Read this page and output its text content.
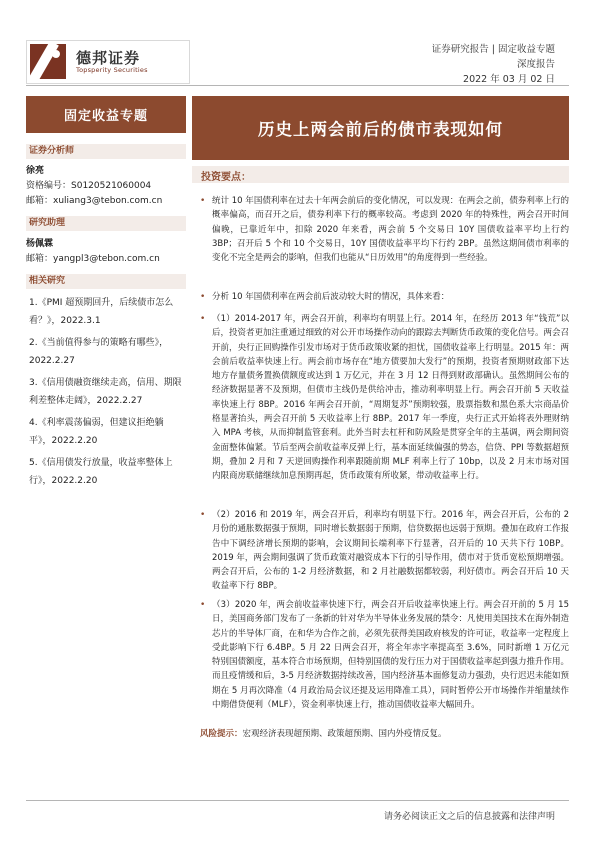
德邦证券
Topsperity Securities
证券研究报告 | 固定收益专题
深度报告
2022 年 03 月 02 日
固定收益专题
历史上两会前后的债市表现如何
证券分析师
徐亮
资格编号：S0120521060004
邮箱：xuliang3@tebon.com.cn
研究助理
杨佩霖
邮箱：yangpl3@tebon.com.cn
相关研究
1.《PMI 超预期回升，后续债市怎么看？》，2022.3.1
2.《当前值得参与的策略有哪些》，2022.2.27
3.《信用债融资继续走高，信用、期限利差整体走阔》，2022.2.27
4.《利率震荡偏弱，但建议拒绝躺平》，2022.2.20
5.《信用债发行放量，收益率整体上行》，2022.2.20
投资要点：
• 统计 10 年国债利率在过去十年两会前后的变化情况，可以发现：在两会之前，债券利率上行的概率偏高，而召开之后，债券利率下行的概率较高。考虑到 2020 年的特殊性，两会召开时间偏晚，已靠近年中，扣除 2020 年来看，两会前 5 个交易日 10Y 国债收益率平均上行约 3BP；召开后 5 个和 10 个交易日，10Y 国债收益率平均下行约 2BP。虽然这期间债市利率的变化不完全是两会的影响，但我们也能从“日历效用”的角度得到一些经验。
• 分析 10 年国债利率在两会前后波动较大时的情况，具体来看：
• （1）2014-2017 年，两会召开前，利率均有明显上行。2014 年，在经历 2013 年“钱荒”以后，投资者更加注重通过细致的对公开市场操作动向的跟踪去判断货币政策的变化信号。两会召开前，央行正回购操作引发市场对于货币政策收紧的担忧，国债收益率上行明显。2015 年：两会前后收益率快速上行。两会前市场存在“地方债要加大发行”的预期，投资者预期财政部下达地方存量债务置换债额度或达到 1 万亿元，并在 3 月 12 日得到财政部确认。虽然期间公布的经济数据显著不及预期，但债市主线仍是供给冲击，推动利率明显上行。两会召开前 5 天收益率快速上行 8BP。2016 年两会召开前，“周期复苏”预期较强，股票指数和黑色系大宗商品价格显著抬头，两会召开前 5 天收益率上行 8BP。2017 年一季度，央行正式开始将表外理财纳入 MPA 考核，从而抑制监管套利。此外当时去杠杆和防风险是贯穿全年的主基调，两会期间资金面整体偏紧。节后至两会前收益率反弹上行，基本面延续偏强的势态，信贷、PPI 等数据超预期，叠加 2 月和 7 天逆回购操作利率跟随前期 MLF 利率上行了 10bp，以及 2 月末市场对国内限商房联储继续加息预期再起，货币政策有所收紧，带动收益率上行。
• （2）2016 和 2019 年，两会召开后，利率均有明显下行。2016 年，两会召开后，公布的 2 月份的通胀数据强于预期，同时增长数据弱于预期，信贷数据也远弱于预期。叠加在政府工作报告中下调经济增长预期的影响，会议期间长端利率下行显著，召开后的 10 天共下行 10BP。2019 年，两会期间强调了货币政策对融资成本下行的引导作用，债市对于货币宽松预期增强。两会召开后，公布的 1-2 月经济数据，和 2 月社融数据都较弱，利好债市。两会召开后 10 天收益率下行 8BP。
• （3）2020 年，两会前收益率快速下行，两会召开后收益率快速上行。两会召开前的 5 月 15 日，美国商务部门发布了一条新的针对华为半导体业务发展的禁令：凡使用美国技术在海外制造芯片的半导体厂商，在和华为合作之前，必须先获得美国政府核发的许可证，收益率一定程度上受此影响下行 6.4BP。5 月 22 日两会召开，将全年赤字率提高至 3.6%，同时新增 1 万亿元特别国债额度，基本符合市场预期，但特别国债的发行压力对于国债收益率起到强力推升作用。而且疫情缓和后，3-5 月经济数据持续改善，国内经济基本面修复动力强劲，央行迟迟未能如预期在 5 月再次降准（4 月政治局会议还提及运用降准工具），同时暂停公开市场操作并缩量续作中期借贷便利（MLF），资金利率快速上行，推动国债收益率大幅回升。
风险提示：宏观经济表现超预期、政策超预期、国内外疫情反复。
请务必阅读正文之后的信息披露和法律声明
